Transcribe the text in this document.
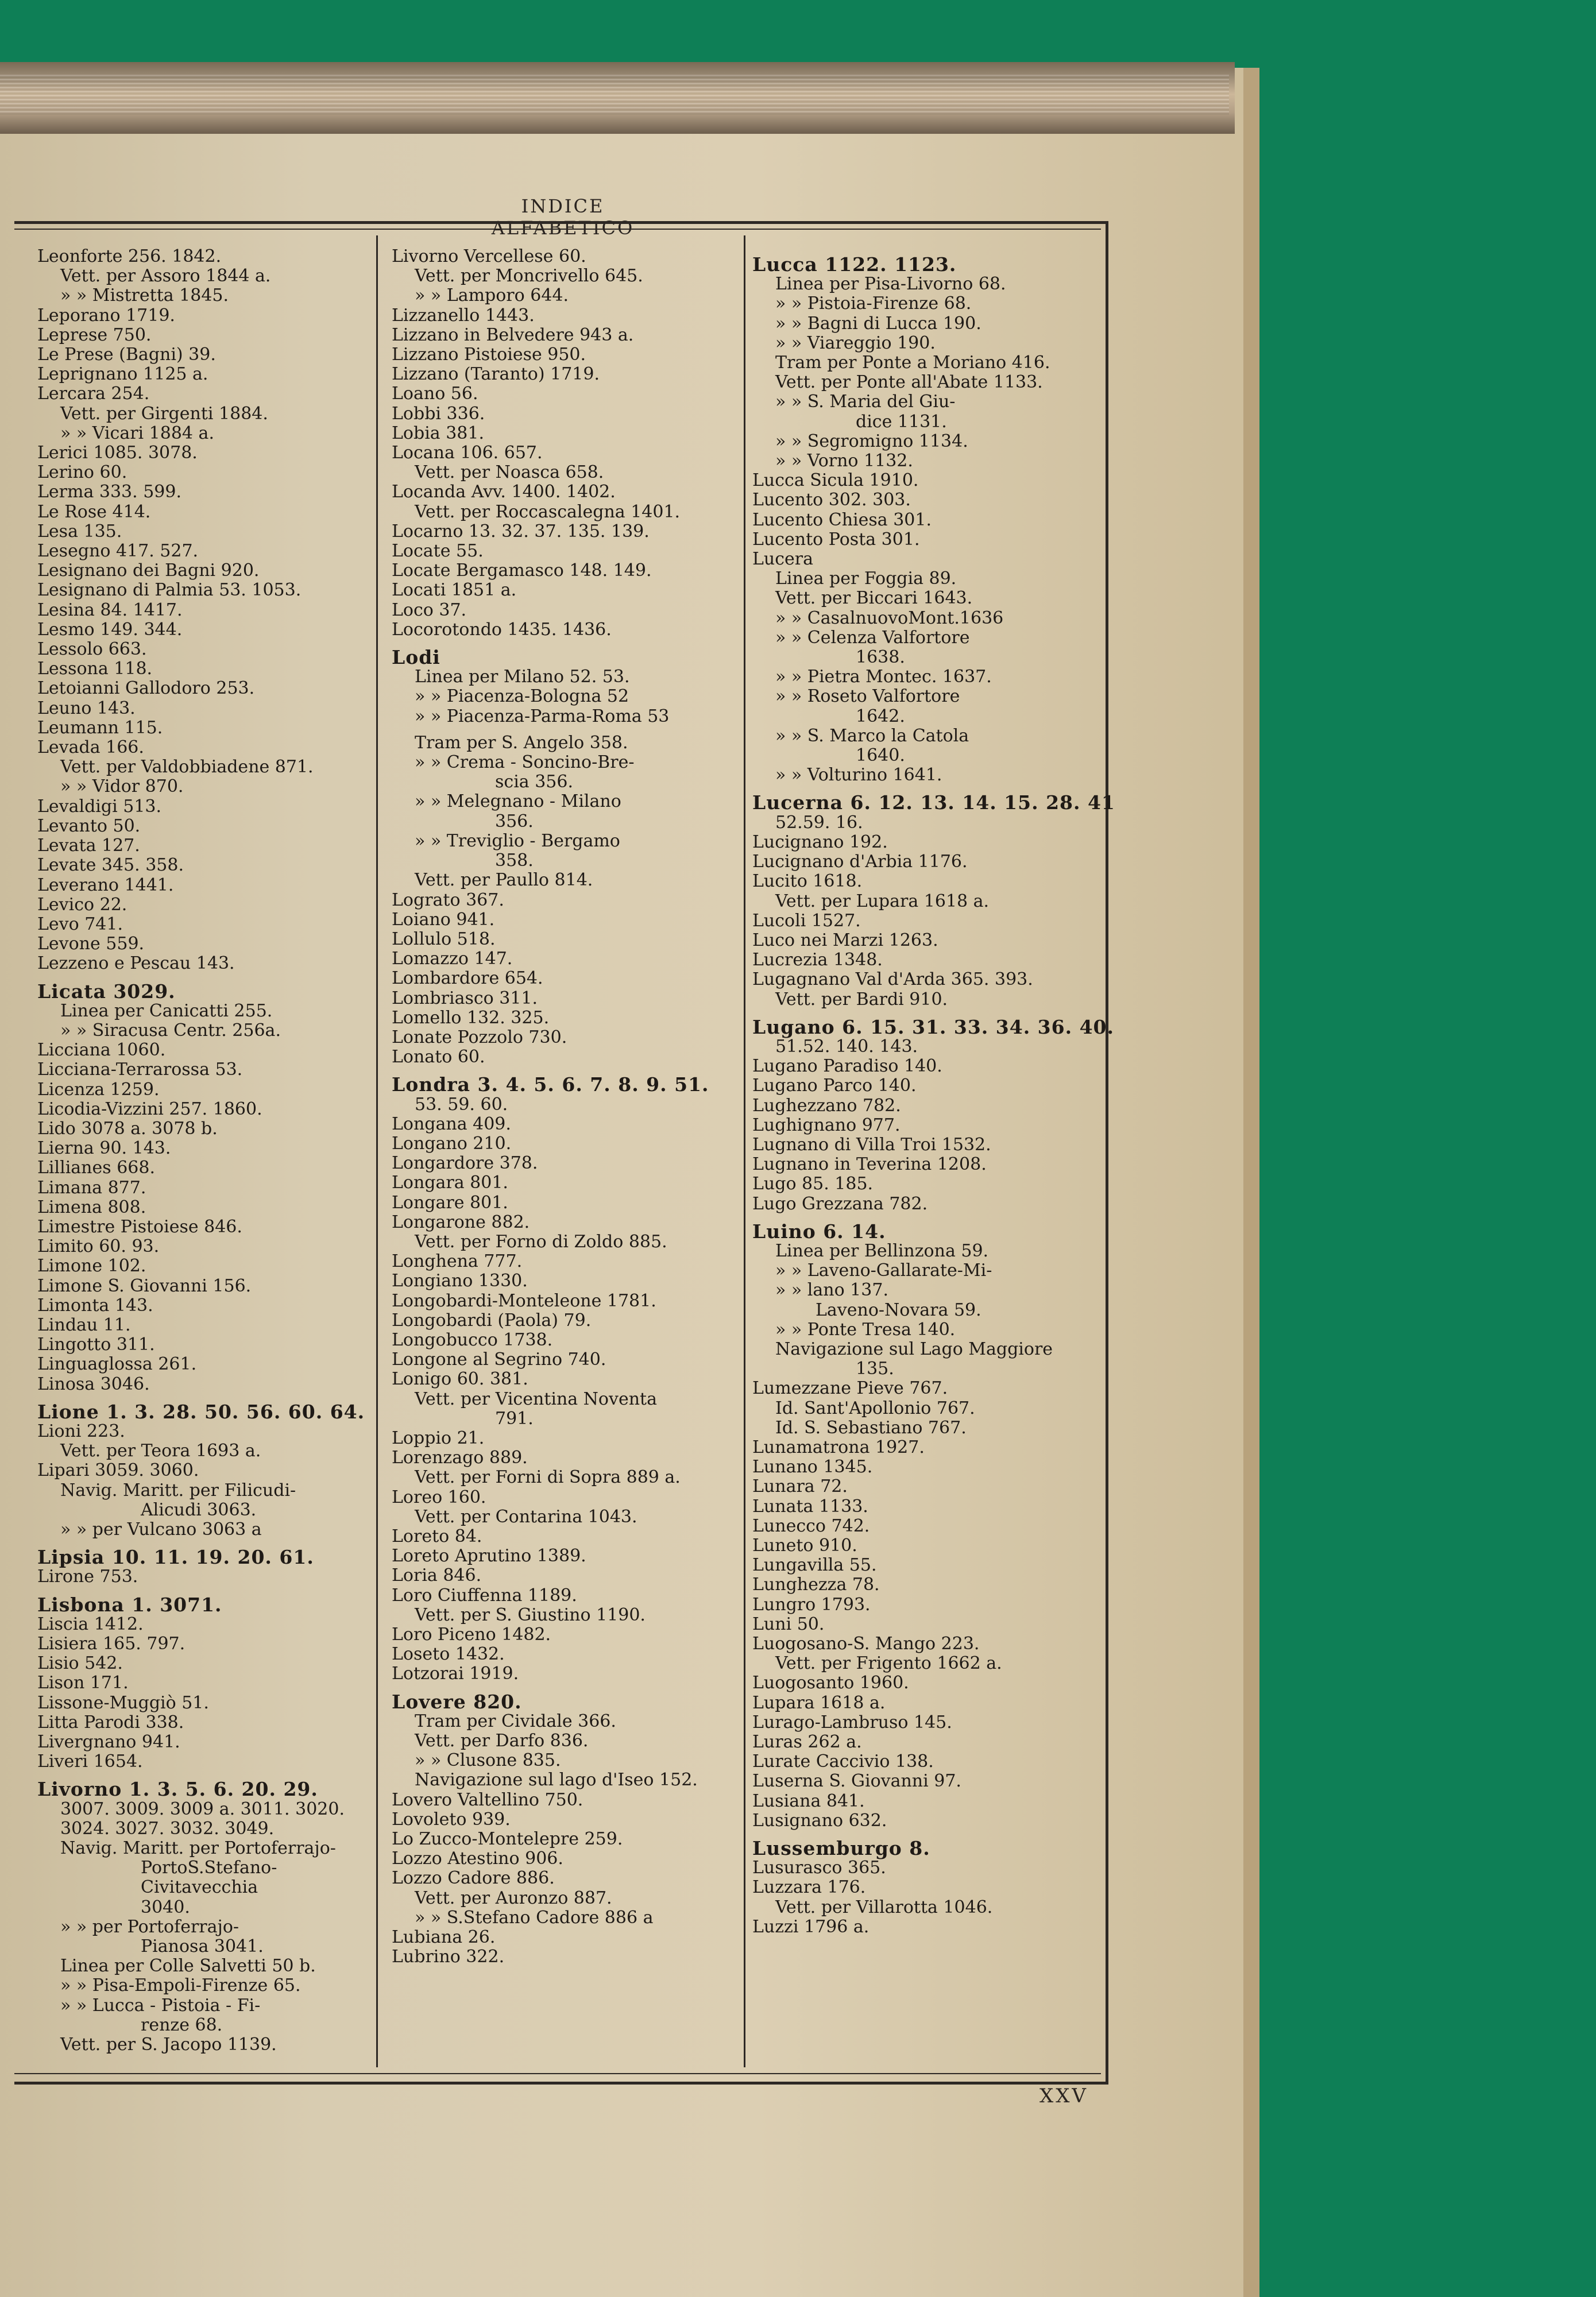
INDICE ALFABETICO
Leonforte 256. 1842.
Vett. per Assoro 1844 a.
» » Mistretta 1845.
Leporano 1719.
Leprese 750.
Le Prese (Bagni) 39.
Leprignano 1125 a.
Lercara 254.
Vett. per Girgenti 1884.
» » Vicari 1884 a.
Lerici 1085. 3078.
Lerino 60.
Lerma 333. 599.
Le Rose 414.
Lesa 135.
Lesegno 417. 527.
Lesignano dei Bagni 920.
Lesignano di Palmia 53. 1053.
Lesina 84. 1417.
Lesmo 149. 344.
Lessolo 663.
Lessona 118.
Letoianni Gallodoro 253.
Leuno 143.
Leumann 115.
Levada 166.
Vett. per Valdobbiadene 871.
» » Vidor 870.
Levaldigi 513.
Levanto 50.
Levata 127.
Levate 345. 358.
Leverano 1441.
Levico 22.
Levo 741.
Levone 559.
Lezzeno e Pescau 143.
Licata 3029.
Linea per Canicatti 255.
» » Siracusa Centr. 256a.
Licciana 1060.
Licciana-Terrarossa 53.
Licenza 1259.
Licodia-Vizzini 257. 1860.
Lido 3078 a. 3078 b.
Lierna 90. 143.
Lillianes 668.
Limana 877.
Limena 808.
Limestre Pistoiese 846.
Limito 60. 93.
Limone 102.
Limone S. Giovanni 156.
Limonta 143.
Lindau 11.
Lingotto 311.
Linguaglossa 261.
Linosa 3046.
Lione 1. 3. 28. 50. 56. 60. 64.
Lioni 223.
Vett. per Teora 1693 a.
Lipari 3059. 3060.
Navig. Maritt. per Filicudi-
Alicudi 3063.
» » per Vulcano 3063 a
Lipsia 10. 11. 19. 20. 61.
Lirone 753.
Lisbona 1. 3071.
Liscia 1412.
Lisiera 165. 797.
Lisio 542.
Lison 171.
Lissone-Muggiò 51.
Litta Parodi 338.
Livergnano 941.
Liveri 1654.
Livorno 1. 3. 5. 6. 20. 29.
3007. 3009. 3009 a. 3011. 3020.
3024. 3027. 3032. 3049.
Navig. Maritt. per Portoferrajo-
PortoS.Stefano-
Civitavecchia
3040.
» » per Portoferrajo-
Pianosa 3041.
Linea per Colle Salvetti 50 b.
» » Pisa-Empoli-Firenze 65.
» » Lucca - Pistoia - Fi-
renze 68.
Vett. per S. Jacopo 1139.
Livorno Vercellese 60.
Vett. per Moncrivello 645.
» » Lamporo 644.
Lizzanello 1443.
Lizzano in Belvedere 943 a.
Lizzano Pistoiese 950.
Lizzano (Taranto) 1719.
Loano 56.
Lobbi 336.
Lobia 381.
Locana 106. 657.
Vett. per Noasca 658.
Locanda Avv. 1400. 1402.
Vett. per Roccascalegna 1401.
Locarno 13. 32. 37. 135. 139.
Locate 55.
Locate Bergamasco 148. 149.
Locati 1851 a.
Loco 37.
Locorotondo 1435. 1436.
Lodi
Linea per Milano 52. 53.
» » Piacenza-Bologna 52
» » Piacenza-Parma-Roma 53
Tram per S. Angelo 358.
» » Crema - Soncino-Bre-
scia 356.
» » Melegnano - Milano
356.
» » Treviglio - Bergamo
358.
Vett. per Paullo 814.
Lograto 367.
Loiano 941.
Lollulo 518.
Lomazzo 147.
Lombardore 654.
Lombriasco 311.
Lomello 132. 325.
Lonate Pozzolo 730.
Lonato 60.
Londra 3. 4. 5. 6. 7. 8. 9. 51.
53. 59. 60.
Longana 409.
Longano 210.
Longardore 378.
Longara 801.
Longare 801.
Longarone 882.
Vett. per Forno di Zoldo 885.
Longhena 777.
Longiano 1330.
Longobardi-Monteleone 1781.
Longobardi (Paola) 79.
Longobucco 1738.
Longone al Segrino 740.
Lonigo 60. 381.
Vett. per Vicentina Noventa
791.
Loppio 21.
Lorenzago 889.
Vett. per Forni di Sopra 889 a.
Loreo 160.
Vett. per Contarina 1043.
Loreto 84.
Loreto Aprutino 1389.
Loria 846.
Loro Ciuffenna 1189.
Vett. per S. Giustino 1190.
Loro Piceno 1482.
Loseto 1432.
Lotzorai 1919.
Lovere 820.
Tram per Cividale 366.
Vett. per Darfo 836.
» » Clusone 835.
Navigazione sul lago d'Iseo 152.
Lovero Valtellino 750.
Lovoleto 939.
Lo Zucco-Montelepre 259.
Lozzo Atestino 906.
Lozzo Cadore 886.
Vett. per Auronzo 887.
» » S.Stefano Cadore 886 a
Lubiana 26.
Lubrino 322.
Lucca 1122. 1123.
Linea per Pisa-Livorno 68.
» » Pistoia-Firenze 68.
» » Bagni di Lucca 190.
» » Viareggio 190.
Tram per Ponte a Moriano 416.
Vett. per Ponte all'Abate 1133.
» » S. Maria del Giu-
dice 1131.
» » Segromigno 1134.
» » Vorno 1132.
Lucca Sicula 1910.
Lucento 302. 303.
Lucento Chiesa 301.
Lucento Posta 301.
Lucera
Linea per Foggia 89.
Vett. per Biccari 1643.
» » CasalnuovoMont.1636
» » Celenza Valfortore
1638.
» » Pietra Montec. 1637.
» » Roseto Valfortore
1642.
» » S. Marco la Catola
1640.
» » Volturino 1641.
Lucerna 6. 12. 13. 14. 15. 28. 41
52.59. 16.
Lucignano 192.
Lucignano d'Arbia 1176.
Lucito 1618.
Vett. per Lupara 1618 a.
Lucoli 1527.
Luco nei Marzi 1263.
Lucrezia 1348.
Lugagnano Val d'Arda 365. 393.
Vett. per Bardi 910.
Lugano 6. 15. 31. 33. 34. 36. 40.
51.52. 140. 143.
Lugano Paradiso 140.
Lugano Parco 140.
Lughezzano 782.
Lughignano 977.
Lugnano di Villa Troi 1532.
Lugnano in Teverina 1208.
Lugo 85. 185.
Lugo Grezzana 782.
Luino 6. 14.
Linea per Bellinzona 59.
» » Laveno-Gallarate-Mi-
» » lano 137.
Laveno-Novara 59.
» » Ponte Tresa 140.
Navigazione sul Lago Maggiore
135.
Lumezzane Pieve 767.
Id. Sant'Apollonio 767.
Id. S. Sebastiano 767.
Lunamatrona 1927.
Lunano 1345.
Lunara 72.
Lunata 1133.
Lunecco 742.
Luneto 910.
Lungavilla 55.
Lunghezza 78.
Lungro 1793.
Luni 50.
Luogosano-S. Mango 223.
Vett. per Frigento 1662 a.
Luogosanto 1960.
Lupara 1618 a.
Lurago-Lambruso 145.
Luras 262 a.
Lurate Caccivio 138.
Luserna S. Giovanni 97.
Lusiana 841.
Lusignano 632.
Lussemburgo 8.
Lusurasco 365.
Luzzara 176.
Vett. per Villarotta 1046.
Luzzi 1796 a.
XXV
